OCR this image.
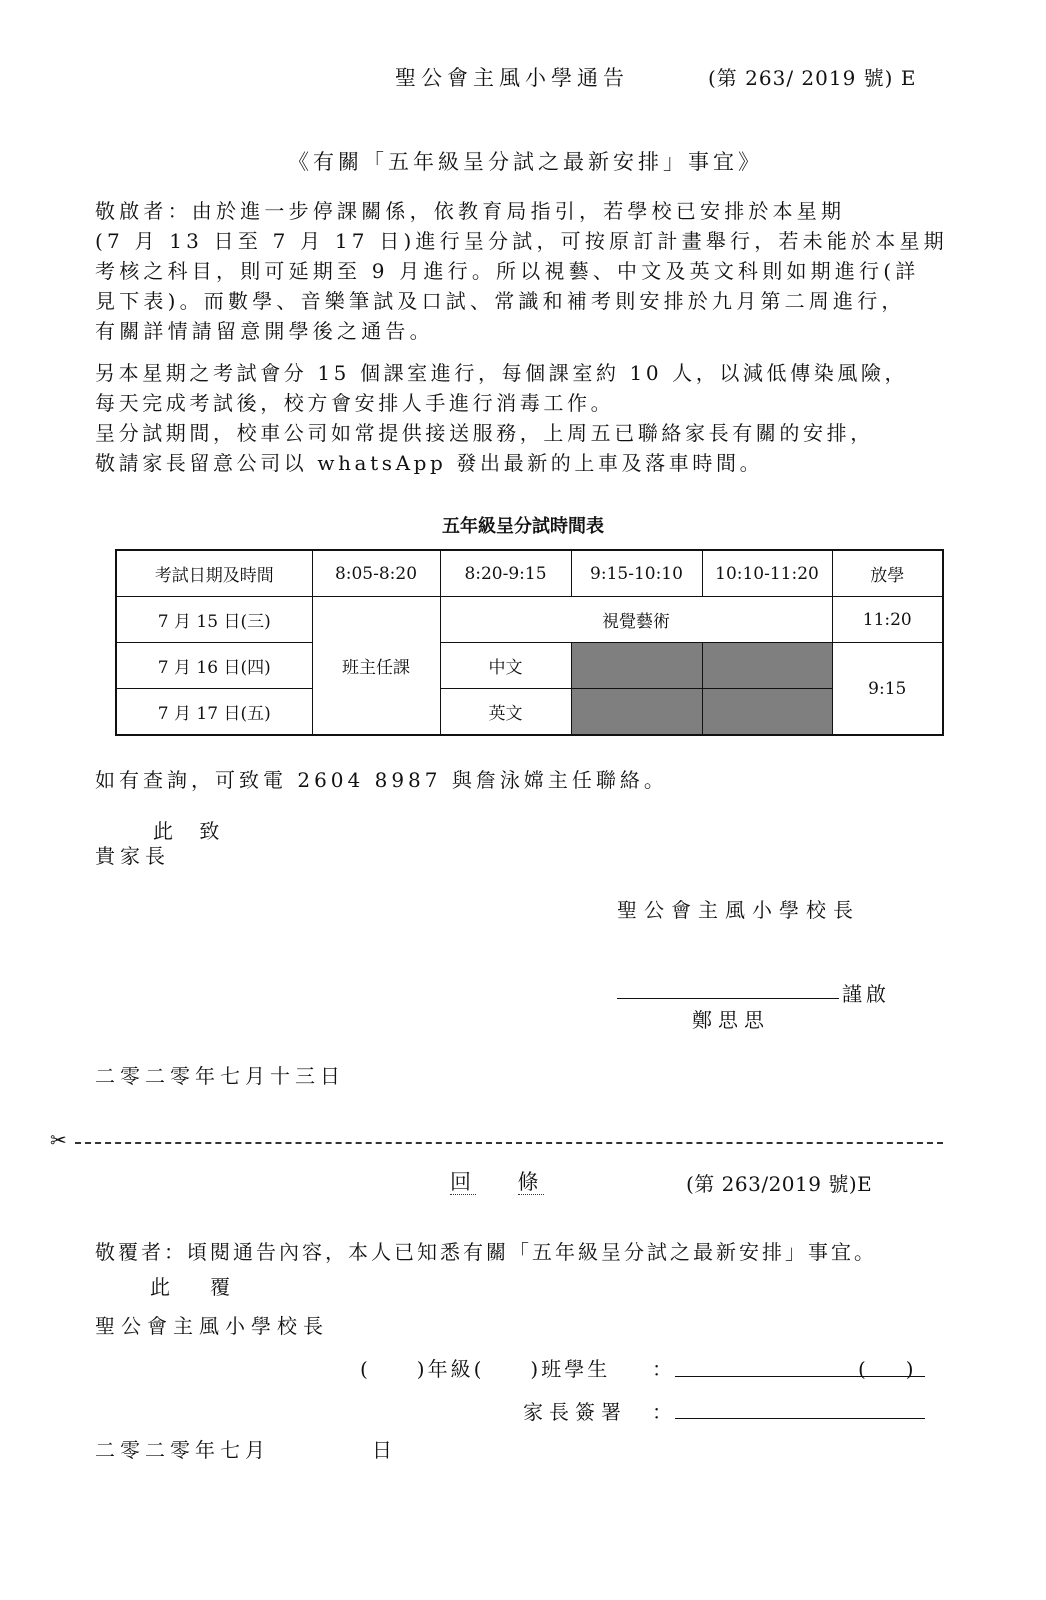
聖公會主風小學通告	(第 263/ 2019 號) E
《有關「五年級呈分試之最新安排」事宜》
敬啟者：由於進一步停課關係，依教育局指引，若學校已安排於本星期
(7 月 13 日至 7 月 17 日)進行呈分試，可按原訂計畫舉行，若未能於本星期
考核之科目，則可延期至 9 月進行。所以視藝、中文及英文科則如期進行(詳
見下表)。而數學、音樂筆試及口試、常識和補考則安排於九月第二周進行，
有關詳情請留意開學後之通告。
另本星期之考試會分 15 個課室進行，每個課室約 10 人，以減低傳染風險，
每天完成考試後，校方會安排人手進行消毒工作。
呈分試期間，校車公司如常提供接送服務，上周五已聯絡家長有關的安排，
敬請家長留意公司以 whatsApp 發出最新的上車及落車時間。
五年級呈分試時間表
考試日期及時間	8:05-8:20	8:20-9:15	9:15-10:10	10:10-11:20	放學
7 月 15 日(三)	班主任課	視覺藝術			11:20
7 月 16 日(四)		中文			9:15
7 月 17 日(五)		英文			
如有查詢，可致電 2604 8987 與詹泳嫦主任聯絡。
此 致
貴家長
聖公會主風小學校長
謹啟
鄭思思
二零二零年七月十三日
✂
回　  條	(第 263/2019 號)E
敬覆者：頃閱通告內容，本人已知悉有關「五年級呈分試之最新安排」事宜。
此 覆
聖公會主風小學校長
(　　)年級(　　)班學生 ：	(　　)
家長簽署 ：
二零二零年七月	日
